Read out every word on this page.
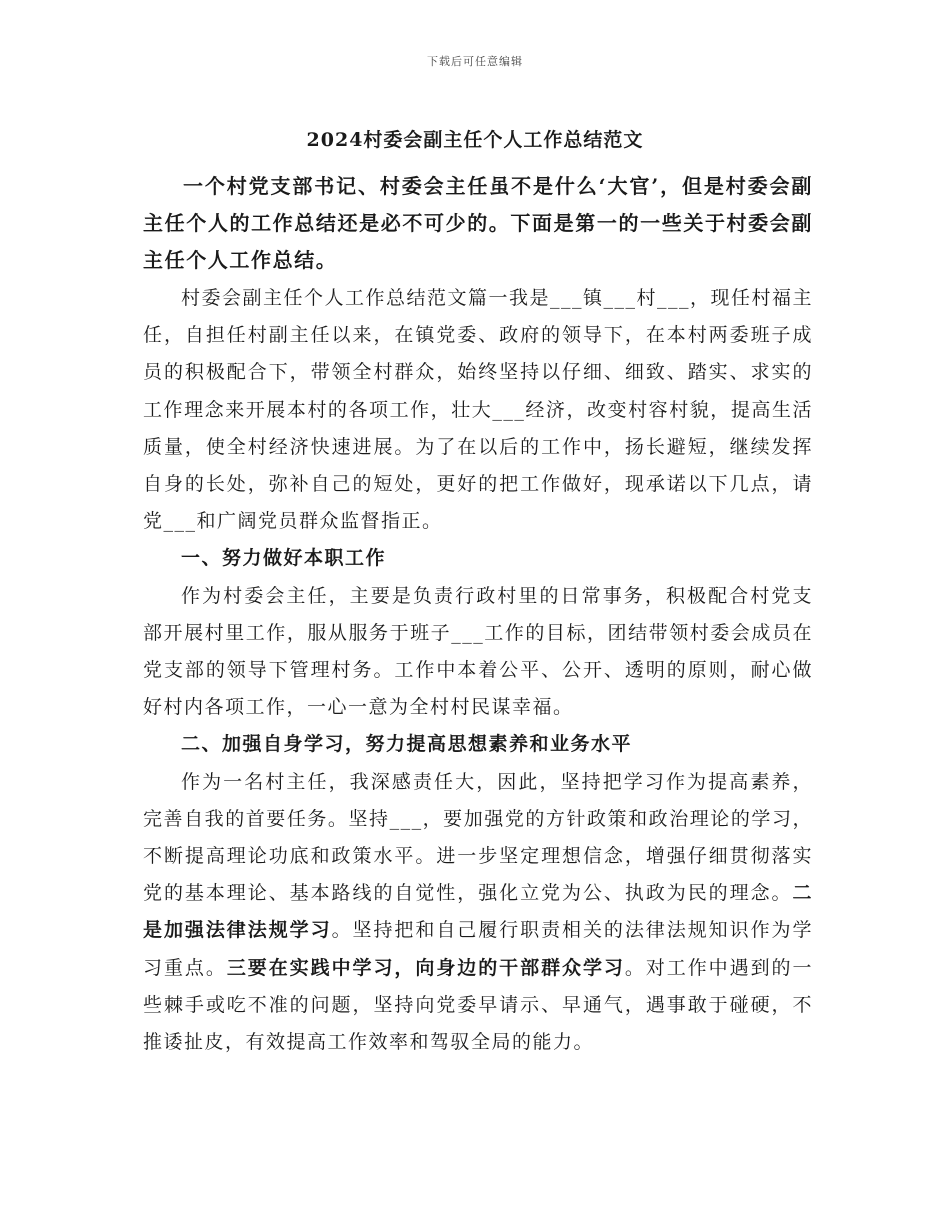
下载后可任意编辑
2024村委会副主任个人工作总结范文

一个村党支部书记、村委会主任虽不是什么‘大官’，但是村委会副主任个人的工作总结还是必不可少的。下面是第一的一些关于村委会副主任个人工作总结。

村委会副主任个人工作总结范文篇一我是___镇___村___，现任村福主任，自担任村副主任以来，在镇党委、政府的领导下，在本村两委班子成员的积极配合下，带领全村群众，始终坚持以仔细、细致、踏实、求实的工作理念来开展本村的各项工作，壮大___经济，改变村容村貌，提高生活质量，使全村经济快速进展。为了在以后的工作中，扬长避短，继续发挥自身的长处，弥补自己的短处，更好的把工作做好，现承诺以下几点，请党___和广阔党员群众监督指正。

一、努力做好本职工作

作为村委会主任，主要是负责行政村里的日常事务，积极配合村党支部开展村里工作，服从服务于班子___工作的目标，团结带领村委会成员在党支部的领导下管理村务。工作中本着公平、公开、透明的原则，耐心做好村内各项工作，一心一意为全村村民谋幸福。

二、加强自身学习，努力提高思想素养和业务水平

作为一名村主任，我深感责任大，因此，坚持把学习作为提高素养，完善自我的首要任务。坚持___，要加强党的方针政策和政治理论的学习，不断提高理论功底和政策水平。进一步坚定理想信念，增强仔细贯彻落实党的基本理论、基本路线的自觉性，强化立党为公、执政为民的理念。二是加强法律法规学习。坚持把和自己履行职责相关的法律法规知识作为学习重点。三要在实践中学习，向身边的干部群众学习。对工作中遇到的一些棘手或吃不准的问题，坚持向党委早请示、早通气，遇事敢于碰硬，不推诿扯皮，有效提高工作效率和驾驭全局的能力。
